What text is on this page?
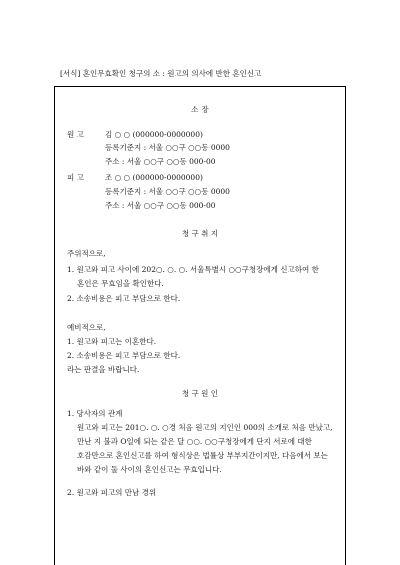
[서식] 혼인무효확인 청구의 소 : 원고의 의사에 반한 혼인신고
소 장
원 고	김 ○ ○ (000000-0000000)
등록기준지 : 서울 ○○구 ○○동 0000
주소 : 서울 ○○구 ○○동 000-00
피 고	조 ○ ○ (000000-0000000)
등록기준지 : 서울 ○○구 ○○동 0000
주소 : 서울 ○○구 ○○동 000-00
청 구 취 지
주위적으로,
1. 원고와 피고 사이에 202○. ○. ○. 서울특별시 ○○구청장에게 신고하여 한
혼인은 무효임을 확인한다.
2. 소송비용은 피고 부담으로 한다.
예비적으로,
1. 원고와 피고는 이혼한다.
2. 소송비용은 피고 부담으로 한다.
라는 판결을 바랍니다.
청 구 원 인
1. 당사자의 관계
원고와 피고는 201○. ○. ○경 처음 원고의 지인인 000의 소개로 처음 만났고,
만난 지 불과 O일에 되는 같은 달 ○○. ○○구청장에게 단지 서로에 대한
호감만으로 혼인신고를 하여 형식상은 법률상 부부지간이지만, 다음에서 보는
바와 같이 둘 사이의 혼인신고는 무효입니다.
2. 원고와 피고의 만남 경위
